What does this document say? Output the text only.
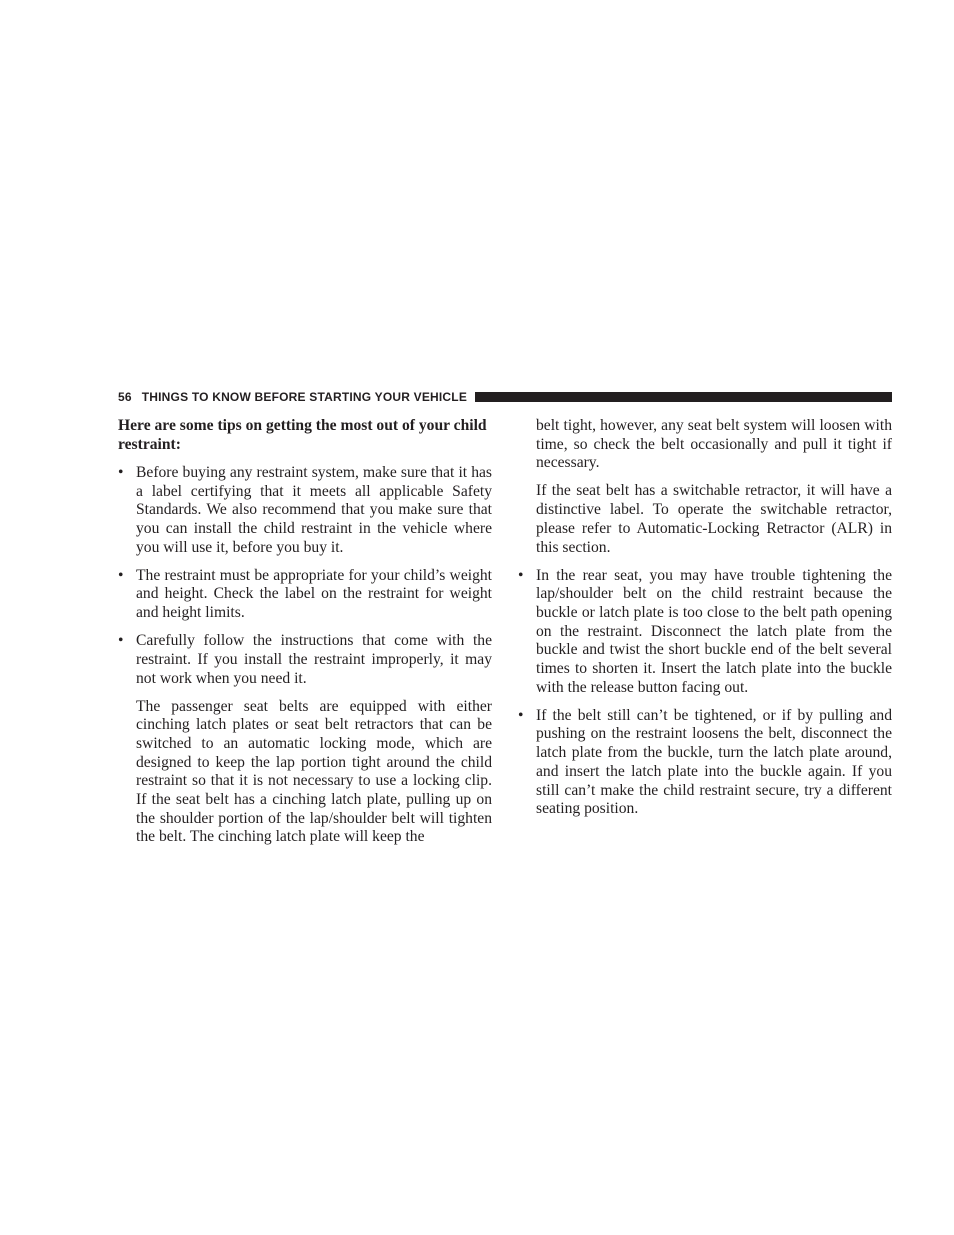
56 THINGS TO KNOW BEFORE STARTING YOUR VEHICLE

Here are some tips on getting the most out of your child restraint:

• Before buying any restraint system, make sure that it has a label certifying that it meets all applicable Safety Standards. We also recommend that you make sure that you can install the child restraint in the vehicle where you will use it, before you buy it.
• The restraint must be appropriate for your child’s weight and height. Check the label on the restraint for weight and height limits.
• Carefully follow the instructions that come with the restraint. If you install the restraint improperly, it may not work when you need it.

The passenger seat belts are equipped with either cinching latch plates or seat belt retractors that can be switched to an automatic locking mode, which are designed to keep the lap portion tight around the child restraint so that it is not necessary to use a locking clip. If the seat belt has a cinching latch plate, pulling up on the shoulder portion of the lap/shoulder belt will tighten the belt. The cinching latch plate will keep the

belt tight, however, any seat belt system will loosen with time, so check the belt occasionally and pull it tight if necessary.

If the seat belt has a switchable retractor, it will have a distinctive label. To operate the switchable retractor, please refer to Automatic-Locking Retractor (ALR) in this section.

• In the rear seat, you may have trouble tightening the lap/shoulder belt on the child restraint because the buckle or latch plate is too close to the belt path opening on the restraint. Disconnect the latch plate from the buckle and twist the short buckle end of the belt several times to shorten it. Insert the latch plate into the buckle with the release button facing out.
• If the belt still can’t be tightened, or if by pulling and pushing on the restraint loosens the belt, disconnect the latch plate from the buckle, turn the latch plate around, and insert the latch plate into the buckle again. If you still can’t make the child restraint secure, try a different seating position.
